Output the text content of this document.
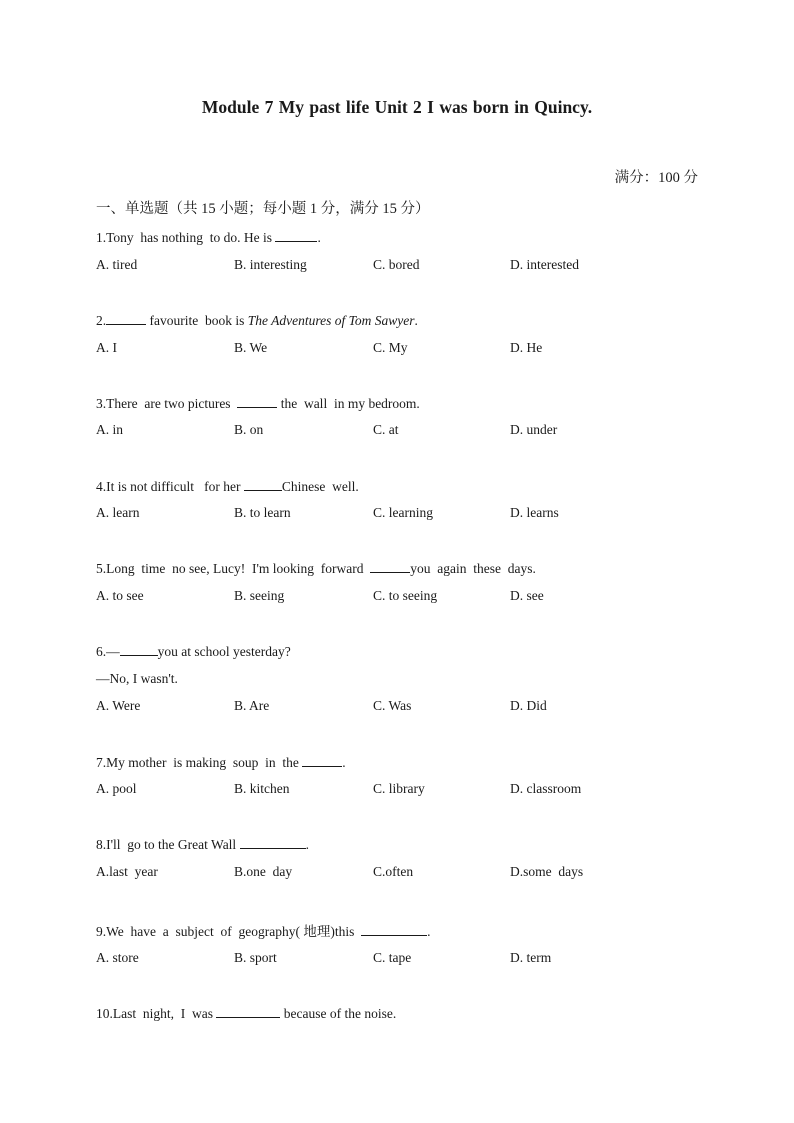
Module 7 My past life Unit 2 I was born in Quincy.
满分：100 分
一、单选题（共 15 小题；每小题 1 分，满分 15 分）
1.Tony  has nothing  to do. He is	.
A. tired	B. interesting	C. bored	D. interested
2.	favourite  book is The Adventures of Tom Sawyer.
A. I	B. We	C. My	D. He
3.There  are two pictures	the  wall  in my bedroom.
A. in	B. on	C. at	D. under
4.It is not difficult   for her	Chinese  well.
A. learn	B. to learn	C. learning	D. learns
5.Long  time  no see, Lucy!  I'm looking  forward	you  again  these  days.
A. to see	B. seeing	C. to seeing	D. see
6.—	you at school yesterday?
—No, I wasn't.
A. Were	B. Are	C. Was	D. Did
7.My mother  is making  soup  in  the	.
A. pool	B. kitchen	C. library	D. classroom
8.I'll  go to the Great Wall	.
A.last  year	B.one  day	C.often	D.some  days
9.We  have  a  subject  of  geography( 地理)this	.
A. store	B. sport	C. tape	D. term
10.Last  night,  I  was	because of the noise.
